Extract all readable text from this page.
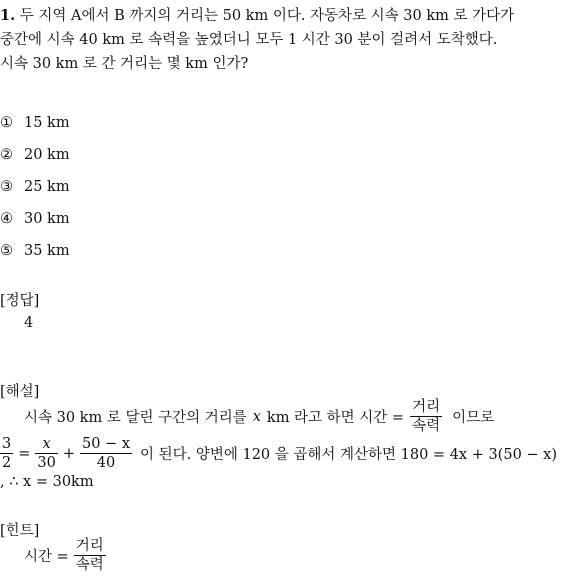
1. 두 지역 A에서 B 까지의 거리는 50 km 이다. 자동차로 시속 30 km 로 가다가
중간에 시속 40 km 로 속력을 높였더니 모두 1 시간 30 분이 걸려서 도착했다.
시속 30 km 로 간 거리는 몇 km 인가?
① 15 km
② 20 km
③ 25 km
④ 30 km
⑤ 35 km
[정답]
4
[해설]
시속 30 km 로 달린 구간의 거리를 x km 라고 하면 시간 = $\frac{\text{거리}}{\text{속력}}$ 이므로
$\frac{3}{2} = \frac{x}{30} + \frac{50 - x}{40}$ 이 된다. 양변에 120 을 곱해서 계산하면 180 = 4x + 3(50 − x)
, ∴ x = 30km
[힌트]
시간 = $\frac{\text{거리}}{\text{속력}}$
